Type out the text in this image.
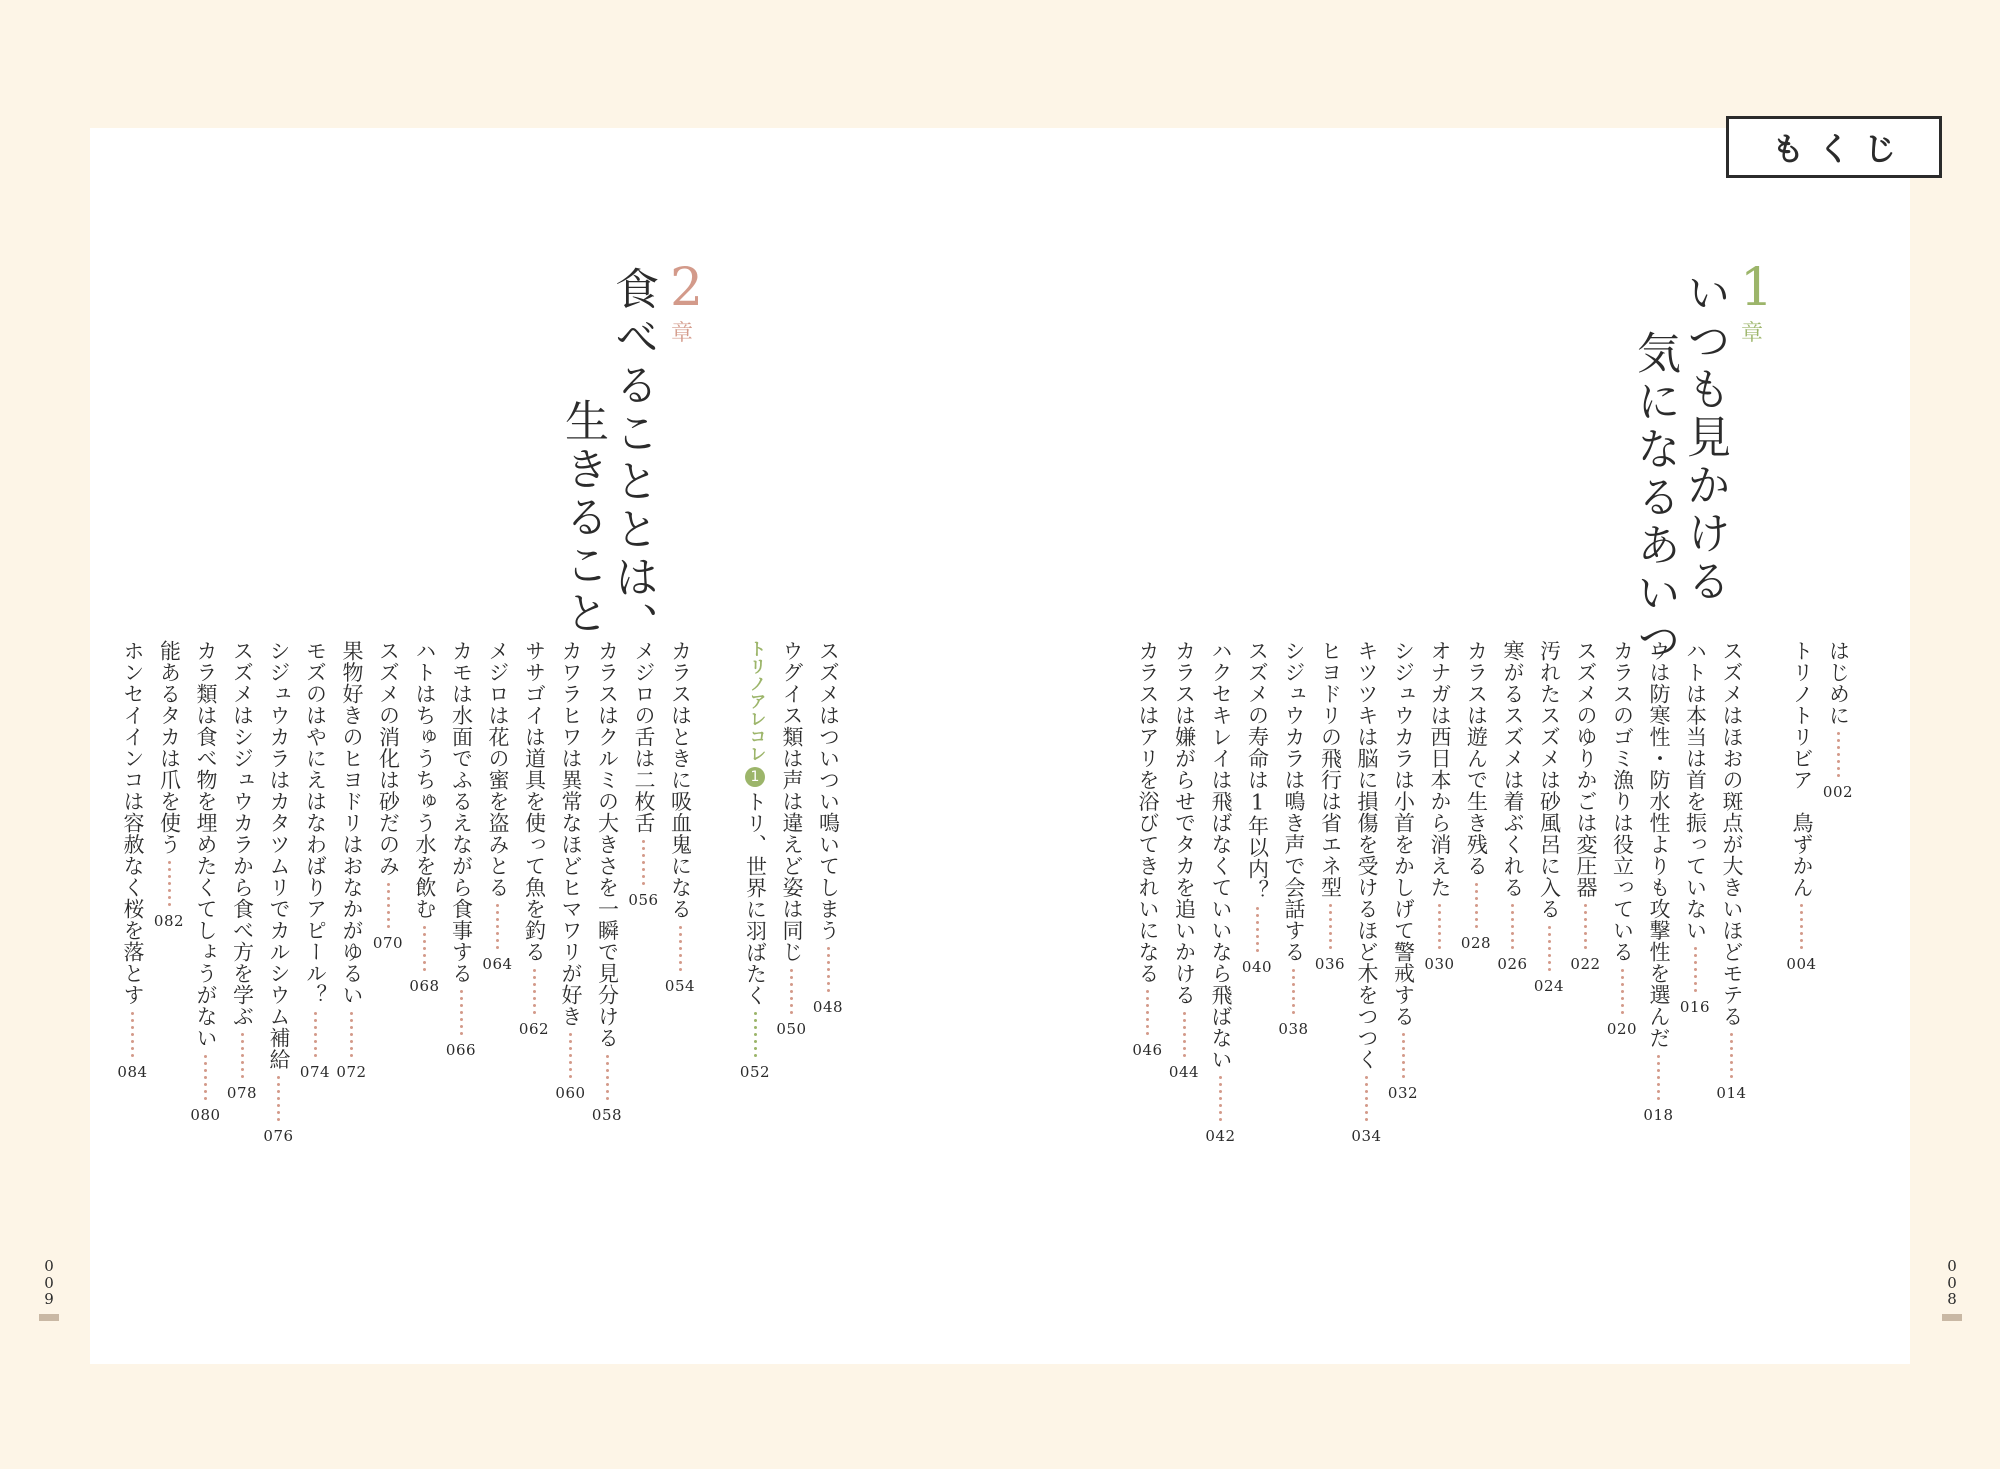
もくじ
1
章
いつも見かける
気になるあいつ
2
章
食べることとは、
生きること
はじめに
002
トリノトリビア　鳥ずかん
004
スズメはほおの斑点が大きいほどモテる
014
ハトは本当は首を振っていない
016
ウは防寒性・防水性よりも攻撃性を選んだ
018
カラスのゴミ漁りは役立っている
020
スズメのゆりかごは変圧器
022
汚れたスズメは砂風呂に入る
024
寒がるスズメは着ぶくれる
026
カラスは遊んで生き残る
028
オナガは西日本から消えた
030
シジュウカラは小首をかしげて警戒する
032
キツツキは脳に損傷を受けるほど木をつつく
034
ヒヨドリの飛行は省エネ型
036
シジュウカラは鳴き声で会話する
038
スズメの寿命は1年以内？
040
ハクセキレイは飛ばなくていいなら飛ばない
042
カラスは嫌がらせでタカを追いかける
044
カラスはアリを浴びてきれいになる
046
スズメはついつい鳴いてしまう
048
ウグイス類は声は違えど姿は同じ
050
トリノアレコレ
1
トリ、世界に羽ばたく
052
カラスはときに吸血鬼になる
054
メジロの舌は二枚舌
056
カラスはクルミの大きさを一瞬で見分ける
058
カワラヒワは異常なほどヒマワリが好き
060
ササゴイは道具を使って魚を釣る
062
メジロは花の蜜を盗みとる
064
カモは水面でふるえながら食事する
066
ハトはちゅうちゅう水を飲む
068
スズメの消化は砂だのみ
070
果物好きのヒヨドリはおなかがゆるい
072
モズのはやにえはなわばりアピール？
074
シジュウカラはカタツムリでカルシウム補給
076
スズメはシジュウカラから食べ方を学ぶ
078
カラ類は食べ物を埋めたくてしょうがない
080
能あるタカは爪を使う
082
ホンセイインコは容赦なく桜を落とす
084
0
0
8
0
0
9
